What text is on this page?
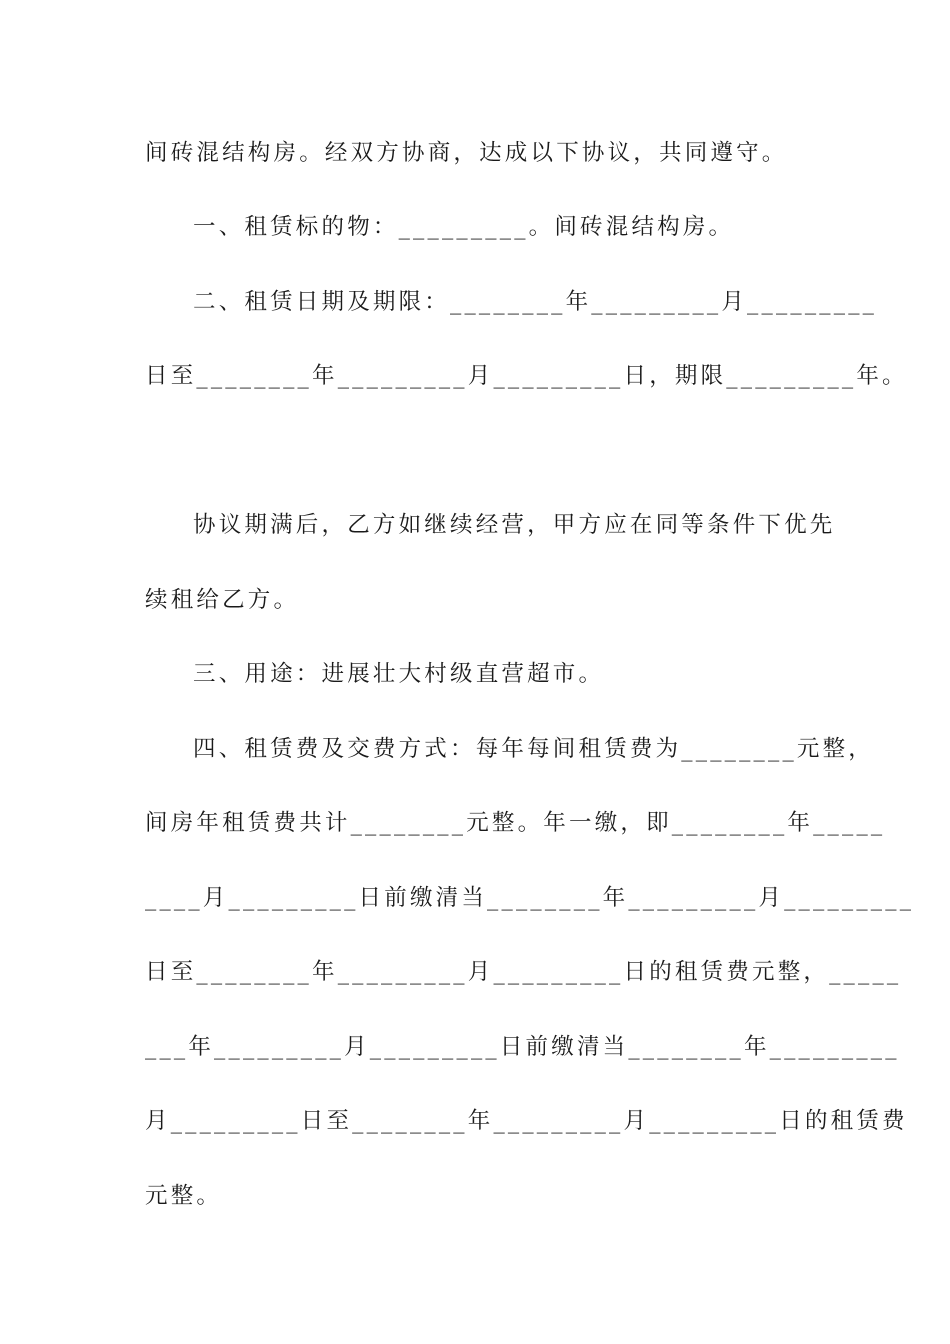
间砖混结构房。经双方协商，达成以下协议，共同遵守。
一、租赁标的物：_________。间砖混结构房。
二、租赁日期及期限：________年_________月_________
日至________年_________月_________日，期限_________年。
协议期满后，乙方如继续经营，甲方应在同等条件下优先
续租给乙方。
三、用途：进展壮大村级直营超市。
四、租赁费及交费方式：每年每间租赁费为________元整，
间房年租赁费共计________元整。年一缴，即________年_____
____月_________日前缴清当________年_________月_________
日至________年_________月_________日的租赁费元整，_____
___年_________月_________日前缴清当________年_________
月_________日至________年_________月_________日的租赁费
元整。
